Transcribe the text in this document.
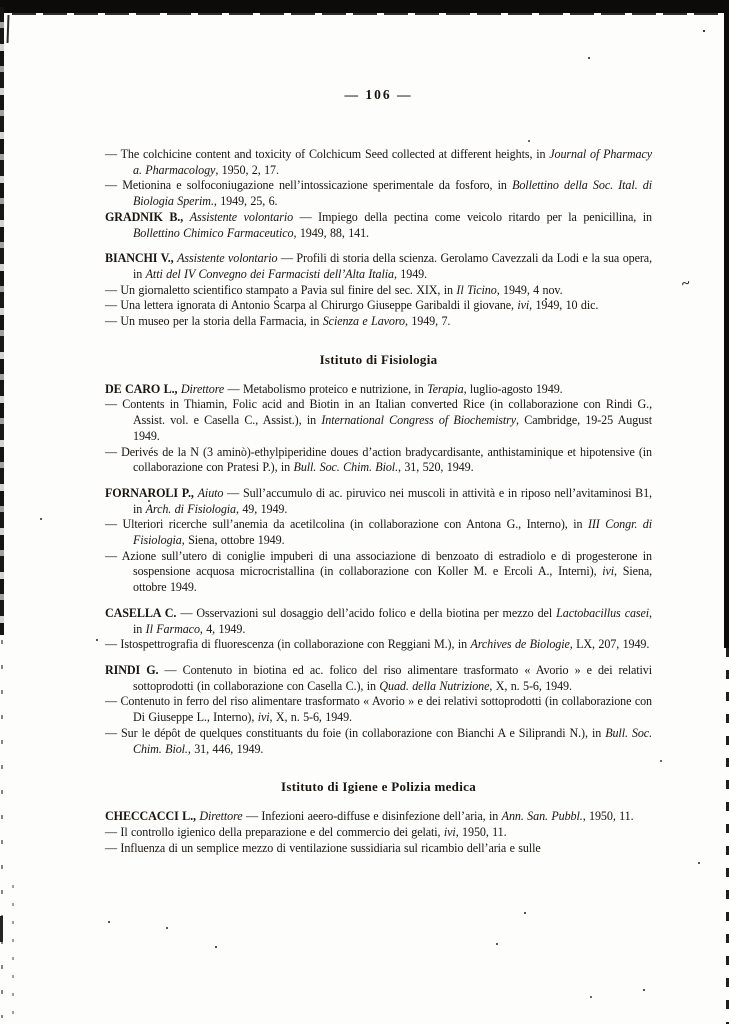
~
— 106 —

— The colchicine content and toxicity of Colchicum Seed collected at different heights, in Journal of Pharmacy a. Pharmacology, 1950, 2, 17.

— Metionina e solfoconiugazione nell’intossicazione sperimentale da fosforo, in Bollettino della Soc. Ital. di Biologia Sperim., 1949, 25, 6.

GRADNIK B., Assistente volontario — Impiego della pectina come veicolo ritardo per la penicillina, in Bollettino Chimico Farmaceutico, 1949, 88, 141.

BIANCHI V., Assistente volontario — Profili di storia della scienza. Gerolamo Cavezzali da Lodi e la sua opera, in Atti del IV Convegno dei Farmacisti dell’Alta Italia, 1949.

— Un giornaletto scientifico stampato a Pavia sul finire del sec. XIX, in Il Ticino, 1949, 4 nov.

— Una lettera ignorata di Antonio Scarpa al Chirurgo Giuseppe Garibaldi il giovane, ivi, 1949, 10 dic.

— Un museo per la storia della Farmacia, in Scienza e Lavoro, 1949, 7.

Istituto di Fisiologia

DE CARO L., Direttore — Metabolismo proteico e nutrizione, in Terapia, luglio-agosto 1949.

— Contents in Thiamin, Folic acid and Biotin in an Italian converted Rice (in collaborazione con Rindi G., Assist. vol. e Casella C., Assist.), in International Congress of Biochemistry, Cambridge, 19-25 August 1949.

— Derivés de la N (3 aminò)-ethylpiperidine doues d’action bradycardisante, anthistaminique et hipotensive (in collaborazione con Pratesi P.), in Bull. Soc. Chim. Biol., 31, 520, 1949.

FORNAROLI P., Aiuto — Sull’accumulo di ac. piruvico nei muscoli in attività e in riposo nell’avitaminosi B1, in Arch. di Fisiologia, 49, 1949.

— Ulteriori ricerche sull’anemia da acetilcolina (in collaborazione con Antona G., Interno), in III Congr. di Fisiologia, Siena, ottobre 1949.

— Azione sull’utero di coniglie impuberi di una associazione di benzoato di estradiolo e di progesterone in sospensione acquosa microcristallina (in collaborazione con Koller M. e Ercoli A., Interni), ivi, Siena, ottobre 1949.

CASELLA C. — Osservazioni sul dosaggio dell’acido folico e della biotina per mezzo del Lactobacillus casei, in Il Farmaco, 4, 1949.

— Istospettrografia di fluorescenza (in collaborazione con Reggiani M.), in Archives de Biologie, LX, 207, 1949.

RINDI G. — Contenuto in biotina ed ac. folico del riso alimentare trasformato « Avorio » e dei relativi sottoprodotti (in collaborazione con Casella C.), in Quad. della Nutrizione, X, n. 5-6, 1949.

— Contenuto in ferro del riso alimentare trasformato « Avorio » e dei relativi sottoprodotti (in collaborazione con Di Giuseppe L., Interno), ivi, X, n. 5-6, 1949.

— Sur le dépôt de quelques constituants du foie (in collaborazione con Bianchi A e Siliprandi N.), in Bull. Soc. Chim. Biol., 31, 446, 1949.

Istituto di Igiene e Polizia medica

CHECCACCI L., Direttore — Infezioni aeero-diffuse e disinfezione dell’aria, in Ann. San. Pubbl., 1950, 11.

— Il controllo igienico della preparazione e del commercio dei gelati, ivi, 1950, 11.

— Influenza di un semplice mezzo di ventilazione sussidiaria sul ricambio dell’aria e sulle
